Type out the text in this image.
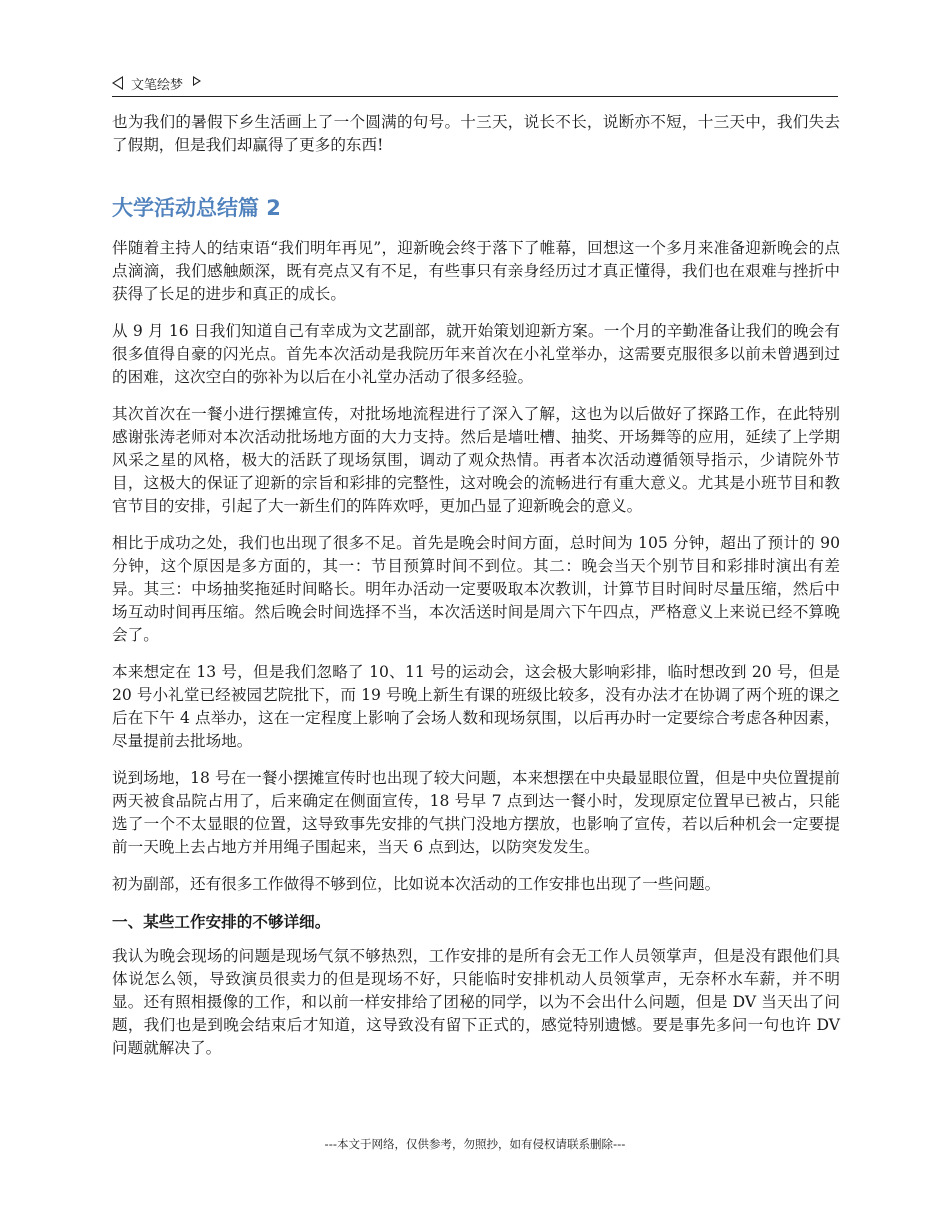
文笔绘梦

也为我们的暑假下乡生活画上了一个圆满的句号。十三天，说长不长，说断亦不短，十三天中，我们失去了假期，但是我们却赢得了更多的东西!

大学活动总结篇 2

伴随着主持人的结束语“我们明年再见”，迎新晚会终于落下了帷幕，回想这一个多月来准备迎新晚会的点点滴滴，我们感触颇深，既有亮点又有不足，有些事只有亲身经历过才真正懂得，我们也在艰难与挫折中获得了长足的进步和真正的成长。

从 9 月 16 日我们知道自己有幸成为文艺副部，就开始策划迎新方案。一个月的辛勤准备让我们的晚会有很多值得自豪的闪光点。首先本次活动是我院历年来首次在小礼堂举办，这需要克服很多以前未曾遇到过的困难，这次空白的弥补为以后在小礼堂办活动了很多经验。

其次首次在一餐小进行摆摊宣传，对批场地流程进行了深入了解，这也为以后做好了探路工作，在此特别感谢张涛老师对本次活动批场地方面的大力支持。然后是墙吐槽、抽奖、开场舞等的应用，延续了上学期风采之星的风格，极大的活跃了现场氛围，调动了观众热情。再者本次活动遵循领导指示，少请院外节目，这极大的保证了迎新的宗旨和彩排的完整性，这对晚会的流畅进行有重大意义。尤其是小班节目和教官节目的安排，引起了大一新生们的阵阵欢呼，更加凸显了迎新晚会的意义。

相比于成功之处，我们也出现了很多不足。首先是晚会时间方面，总时间为 105 分钟，超出了预计的 90 分钟，这个原因是多方面的，其一：节目预算时间不到位。其二：晚会当天个别节目和彩排时演出有差异。其三：中场抽奖拖延时间略长。明年办活动一定要吸取本次教训，计算节目时间时尽量压缩，然后中场互动时间再压缩。然后晚会时间选择不当，本次活送时间是周六下午四点，严格意义上来说已经不算晚会了。

本来想定在 13 号，但是我们忽略了 10、11 号的运动会，这会极大影响彩排，临时想改到 20 号，但是 20 号小礼堂已经被园艺院批下，而 19 号晚上新生有课的班级比较多，没有办法才在协调了两个班的课之后在下午 4 点举办，这在一定程度上影响了会场人数和现场氛围，以后再办时一定要综合考虑各种因素，尽量提前去批场地。

说到场地，18 号在一餐小摆摊宣传时也出现了较大问题，本来想摆在中央最显眼位置，但是中央位置提前两天被食品院占用了，后来确定在侧面宣传，18 号早 7 点到达一餐小时，发现原定位置早已被占，只能选了一个不太显眼的位置，这导致事先安排的气拱门没地方摆放，也影响了宣传，若以后种机会一定要提前一天晚上去占地方并用绳子围起来，当天 6 点到达，以防突发发生。

初为副部，还有很多工作做得不够到位，比如说本次活动的工作安排也出现了一些问题。

一、某些工作安排的不够详细。

我认为晚会现场的问题是现场气氛不够热烈，工作安排的是所有会无工作人员领掌声，但是没有跟他们具体说怎么领，导致演员很卖力的但是现场不好，只能临时安排机动人员领掌声，无奈杯水车薪，并不明显。还有照相摄像的工作，和以前一样安排给了团秘的同学，以为不会出什么问题，但是 DV 当天出了问题，我们也是到晚会结束后才知道，这导致没有留下正式的，感觉特别遗憾。要是事先多问一句也许 DV 问题就解决了。

---本文于网络，仅供参考，勿照抄，如有侵权请联系删除---
